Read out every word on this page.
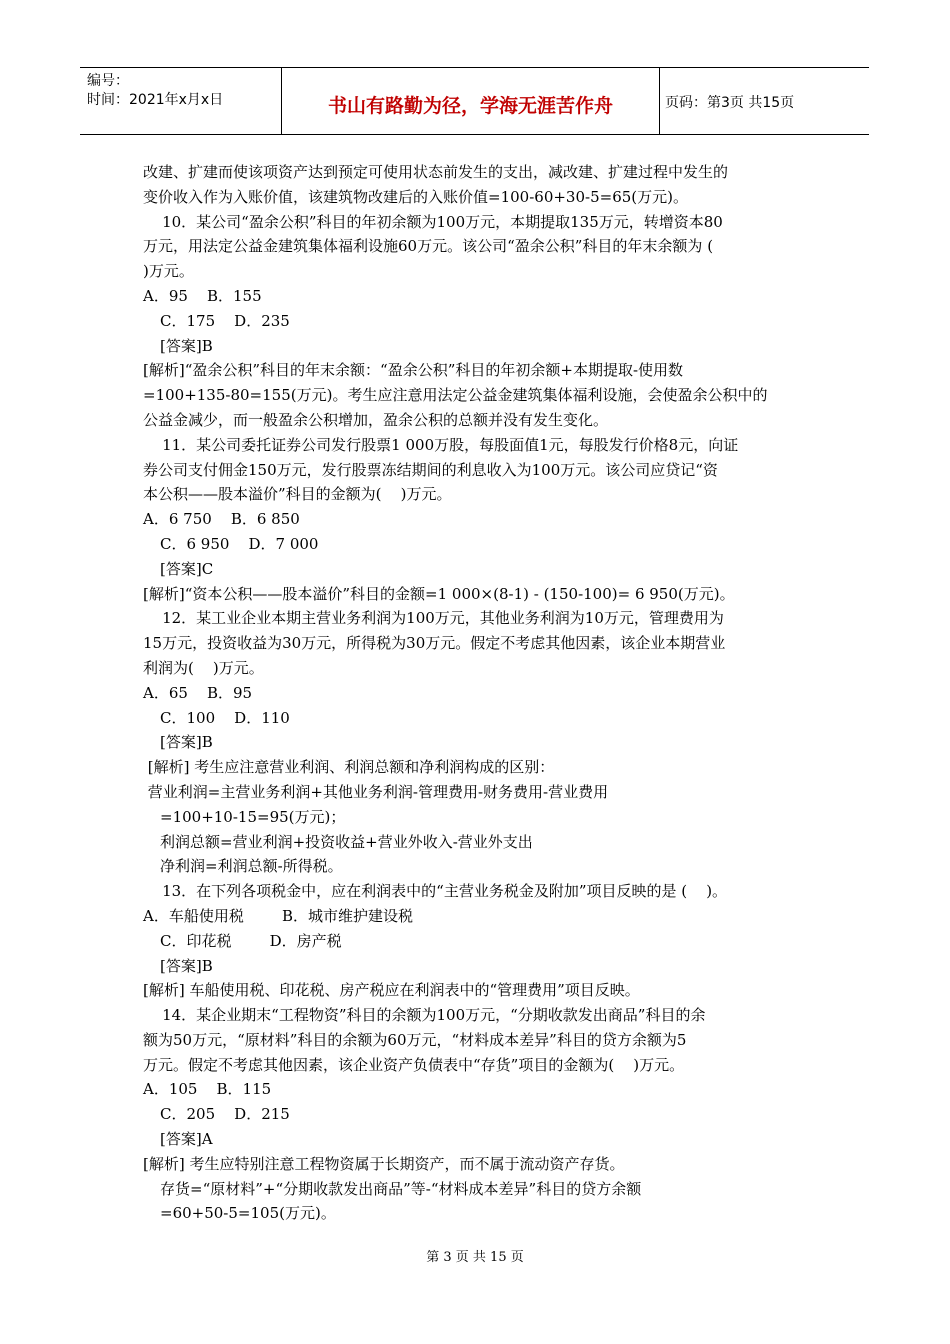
编号：
时间：2021年x月x日	书山有路勤为径，学海无涯苦作舟	页码：第3页 共15页

改建、扩建而使该项资产达到预定可使用状态前发生的支出，减改建、扩建过程中发生的

变价收入作为入账价值，该建筑物改建后的入账价值=100-60+30-5=65(万元)。

10．某公司“盈余公积”科目的年初余额为100万元，本期提取135万元，转增资本80

万元，用法定公益金建筑集体福利设施60万元。该公司“盈余公积”科目的年末余额为 (

)万元。

A．95    B．155

C．175    D．235

[答案]B

[解析]“盈余公积”科目的年末余额：“盈余公积”科目的年初余额+本期提取-使用数

=100+135-80=155(万元)。考生应注意用法定公益金建筑集体福利设施，会使盈余公积中的

公益金减少，而一般盈余公积增加，盈余公积的总额并没有发生变化。

11．某公司委托证券公司发行股票1 000万股，每股面值1元，每股发行价格8元，向证

券公司支付佣金150万元，发行股票冻结期间的利息收入为100万元。该公司应贷记“资

本公积——股本溢价”科目的金额为(    )万元。

A．6 750    B．6 850

C．6 950    D．7 000

[答案]C

[解析]“资本公积——股本溢价”科目的金额=1 000×(8-1) - (150-100)= 6 950(万元)。

12．某工业企业本期主营业务利润为100万元，其他业务利润为10万元，管理费用为

15万元，投资收益为30万元，所得税为30万元。假定不考虑其他因素，该企业本期营业

利润为(    )万元。

A．65    B．95

C．100    D．110

[答案]B

[解析] 考生应注意营业利润、利润总额和净利润构成的区别：

营业利润=主营业务利润+其他业务利润-管理费用-财务费用-营业费用

=100+10-15=95(万元)；

利润总额=营业利润+投资收益+营业外收入-营业外支出

净利润=利润总额-所得税。

13．在下列各项税金中，应在利润表中的“主营业务税金及附加”项目反映的是 (    )。

A．车船使用税        B．城市维护建设税

C．印花税        D．房产税

[答案]B

[解析] 车船使用税、印花税、房产税应在利润表中的“管理费用”项目反映。

14．某企业期末“工程物资”科目的余额为100万元，“分期收款发出商品”科目的余

额为50万元，“原材料”科目的余额为60万元，“材料成本差异”科目的贷方余额为5

万元。假定不考虑其他因素，该企业资产负债表中“存货”项目的金额为(    )万元。

A．105    B．115

C．205    D．215

[答案]A

[解析] 考生应特别注意工程物资属于长期资产，而不属于流动资产存货。

存货=“原材料”+“分期收款发出商品”等-“材料成本差异”科目的贷方余额

=60+50-5=105(万元)。

第 3 页 共 15 页
